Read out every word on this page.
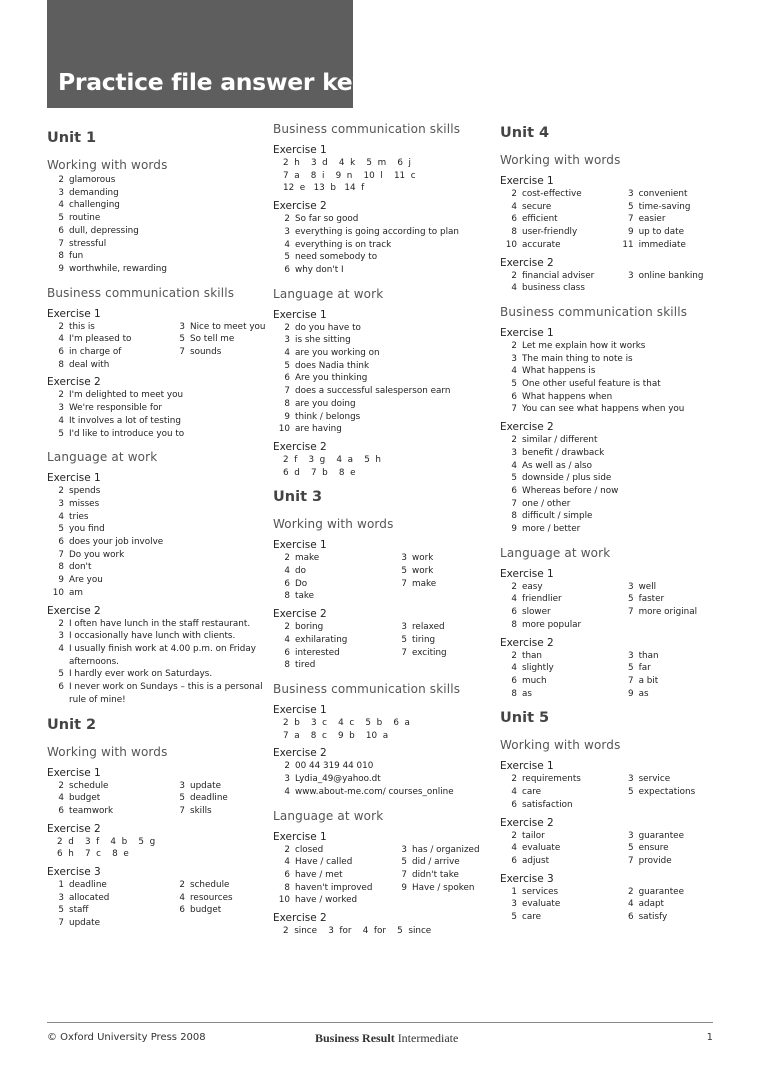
Practice file answer key
Unit 1
Working with words
2 glamorous
3 demanding
4 challenging
5 routine
6 dull, depressing
7 stressful
8 fun
9 worthwhile, rewarding
Business communication skills
Exercise 1
2 this is	3 Nice to meet you
4 I'm pleased to	5 So tell me
6 in charge of	7 sounds
8 deal with
Exercise 2
2 I'm delighted to meet you
3 We're responsible for
4 It involves a lot of testing
5 I'd like to introduce you to
Language at work
Exercise 1
2 spends
3 misses
4 tries
5 you find
6 does your job involve
7 Do you work
8 don't
9 Are you
10 am
Exercise 2
2 I often have lunch in the staff restaurant.
3 I occasionally have lunch with clients.
4 I usually finish work at 4.00 p.m. on Friday afternoons.
5 I hardly ever work on Saturdays.
6 I never work on Sundays – this is a personal rule of mine!
Unit 2
Working with words
Exercise 1
2 schedule	3 update
4 budget	5 deadline
6 teamwork	7 skills
Exercise 2
2  d    3  f    4  b    5  g
6  h    7  c    8  e
Exercise 3
1 deadline	2 schedule
3 allocated	4 resources
5 staff	6 budget
7 update
Business communication skills
Exercise 1
2  h    3  d    4  k    5  m    6  j
7  a    8  i    9  n    10  l    11  c
12  e   13  b   14  f
Exercise 2
2 So far so good
3 everything is going according to plan
4 everything is on track
5 need somebody to
6 why don't I
Language at work
Exercise 1
2 do you have to
3 is she sitting
4 are you working on
5 does Nadia think
6 Are you thinking
7 does a successful salesperson earn
8 are you doing
9 think / belongs
10 are having
Exercise 2
2  f    3  g    4  a    5  h
6  d    7  b    8  e
Unit 3
Working with words
Exercise 1
2 make	3 work
4 do	5 work
6 Do	7 make
8 take
Exercise 2
2 boring	3 relaxed
4 exhilarating	5 tiring
6 interested	7 exciting
8 tired
Business communication skills
Exercise 1
2  b    3  c    4  c    5  b    6  a
7  a    8  c    9  b    10  a
Exercise 2
2 00 44 319 44 010
3 Lydia_49@yahoo.dt
4 www.about-me.com/ courses_online
Language at work
Exercise 1
2 closed	3 has / organized
4 Have / called	5 did / arrive
6 have / met	7 didn't take
8 haven't improved	9 Have / spoken
10 have / worked
Exercise 2
2  since    3  for    4  for    5  since
Unit 4
Working with words
Exercise 1
2 cost-effective	3 convenient
4 secure	5 time-saving
6 efficient	7 easier
8 user-friendly	9 up to date
10 accurate	11 immediate
Exercise 2
2 financial adviser	3 online banking
4 business class
Business communication skills
Exercise 1
2 Let me explain how it works
3 The main thing to note is
4 What happens is
5 One other useful feature is that
6 What happens when
7 You can see what happens when you
Exercise 2
2 similar / different
3 benefit / drawback
4 As well as / also
5 downside / plus side
6 Whereas before / now
7 one / other
8 difficult / simple
9 more / better
Language at work
Exercise 1
2 easy	3 well
4 friendlier	5 faster
6 slower	7 more original
8 more popular
Exercise 2
2 than	3 than
4 slightly	5 far
6 much	7 a bit
8 as	9 as
Unit 5
Working with words
Exercise 1
2 requirements	3 service
4 care	5 expectations
6 satisfaction
Exercise 2
2 tailor	3 guarantee
4 evaluate	5 ensure
6 adjust	7 provide
Exercise 3
1 services	2 guarantee
3 evaluate	4 adapt
5 care	6 satisfy
© Oxford University Press 2008	Business Result Intermediate	1
